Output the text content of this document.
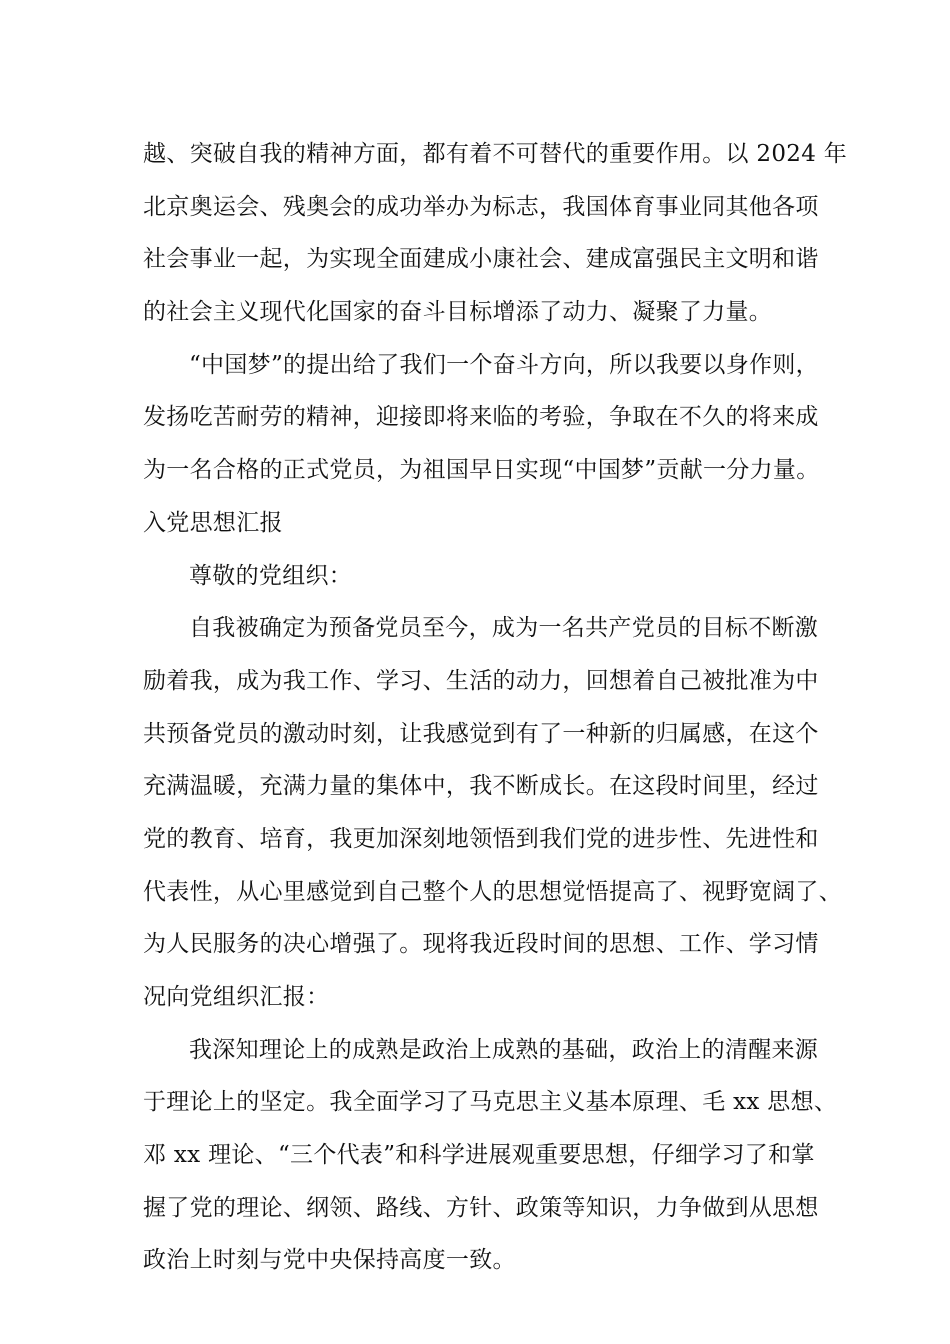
越、突破自我的精神方面，都有着不可替代的重要作用。以 2024 年
北京奥运会、残奥会的成功举办为标志，我国体育事业同其他各项
社会事业一起，为实现全面建成小康社会、建成富强民主文明和谐
的社会主义现代化国家的奋斗目标增添了动力、凝聚了力量。
“中国梦”的提出给了我们一个奋斗方向，所以我要以身作则，
发扬吃苦耐劳的精神，迎接即将来临的考验，争取在不久的将来成
为一名合格的正式党员，为祖国早日实现“中国梦”贡献一分力量。
入党思想汇报
尊敬的党组织：
自我被确定为预备党员至今，成为一名共产党员的目标不断激
励着我，成为我工作、学习、生活的动力，回想着自己被批准为中
共预备党员的激动时刻，让我感觉到有了一种新的归属感，在这个
充满温暖，充满力量的集体中，我不断成长。在这段时间里，经过
党的教育、培育，我更加深刻地领悟到我们党的进步性、先进性和
代表性，从心里感觉到自己整个人的思想觉悟提高了、视野宽阔了、
为人民服务的决心增强了。现将我近段时间的思想、工作、学习情
况向党组织汇报：
我深知理论上的成熟是政治上成熟的基础，政治上的清醒来源
于理论上的坚定。我全面学习了马克思主义基本原理、毛 xx 思想、
邓 xx 理论、“三个代表”和科学进展观重要思想，仔细学习了和掌
握了党的理论、纲领、路线、方针、政策等知识，力争做到从思想
政治上时刻与党中央保持高度一致。
